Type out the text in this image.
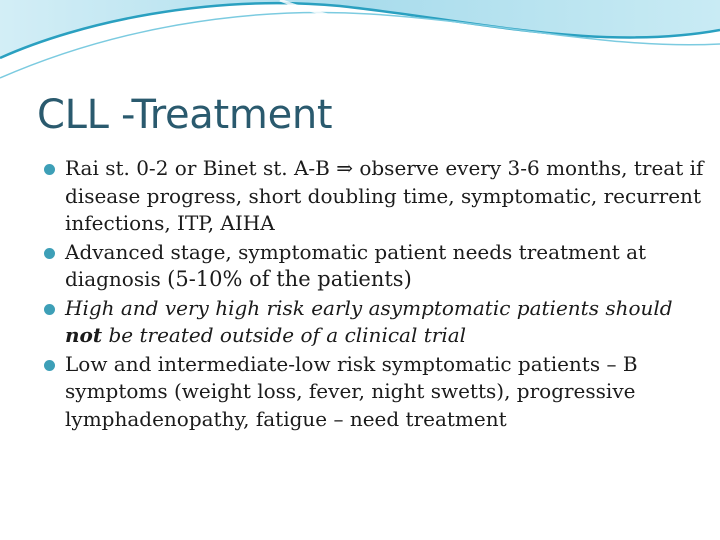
CLL -Treatment
Rai st. 0-2 or Binet st. A-B ⇒ observe every 3-6 months, treat if disease progress, short doubling time, symptomatic, recurrent infections, ITP, AIHA
Advanced stage, symptomatic patient needs treatment at diagnosis (5-10% of the patients)
High and very high risk early asymptomatic patients should not be treated outside of a clinical trial
Low and intermediate-low risk symptomatic patients – B symptoms (weight loss, fever, night swetts), progressive lymphadenopathy, fatigue – need treatment
